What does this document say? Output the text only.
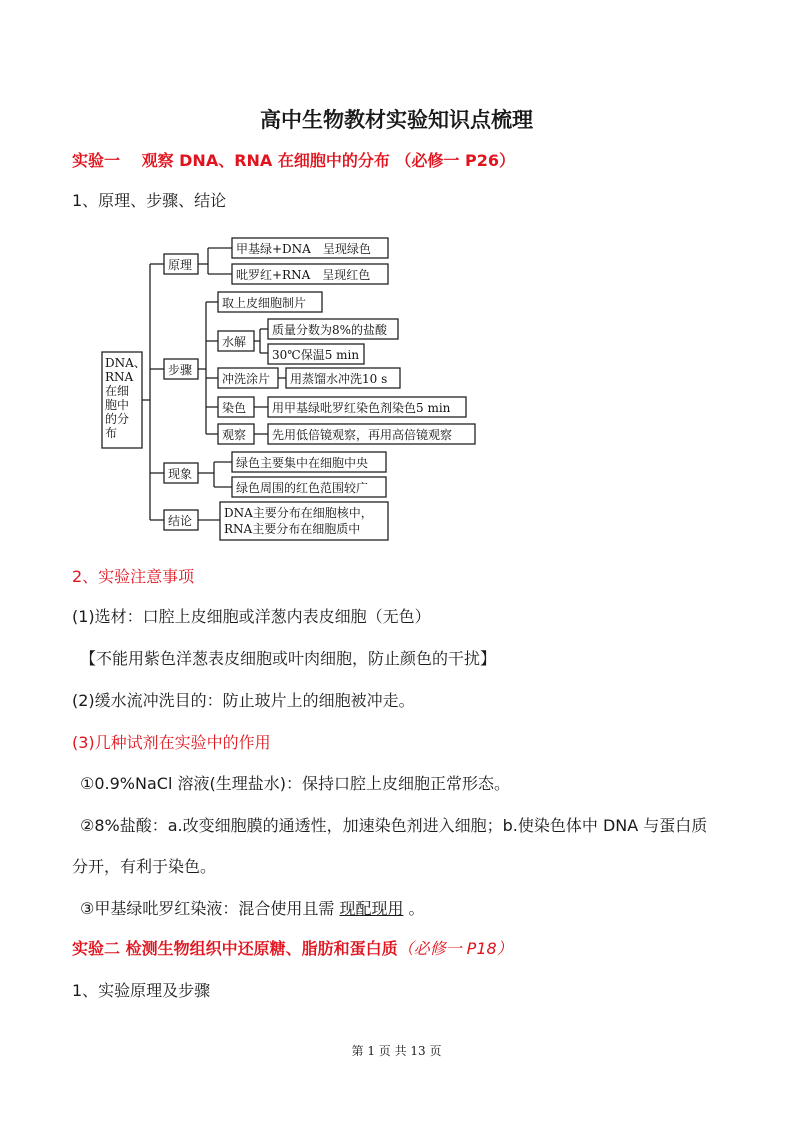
高中生物教材实验知识点梳理

实验一　 观察 DNA、RNA 在细胞中的分布 （必修一 P26）

1、原理、步骤、结论

DNA、
RNA
在细
胞中
的分
布
原理
甲基绿+DNA　呈现绿色
吡罗红+RNA　呈现红色
步骤
取上皮细胞制片
水解
质量分数为8%的盐酸
30℃保温5 min
冲洗涂片 用蒸馏水冲洗10 s
染色 用甲基绿吡罗红染色剂染色5 min
观察 先用低倍镜观察，再用高倍镜观察
现象
绿色主要集中在细胞中央
绿色周围的红色范围较广
结论
DNA主要分布在细胞核中，
RNA主要分布在细胞质中

2、实验注意事项

(1)选材：口腔上皮细胞或洋葱内表皮细胞（无色）

【不能用紫色洋葱表皮细胞或叶肉细胞，防止颜色的干扰】

(2)缓水流冲洗目的：防止玻片上的细胞被冲走。

(3)几种试剂在实验中的作用

①0.9%NaCl 溶液(生理盐水)：保持口腔上皮细胞正常形态。

②8%盐酸：a.改变细胞膜的通透性，加速染色剂进入细胞；b.使染色体中 DNA 与蛋白质

分开，有利于染色。

③甲基绿吡罗红染液：混合使用且需 现配现用 。

实验二 检测生物组织中还原糖、脂肪和蛋白质（必修一 P18）

1、实验原理及步骤

第 1 页 共 13 页
